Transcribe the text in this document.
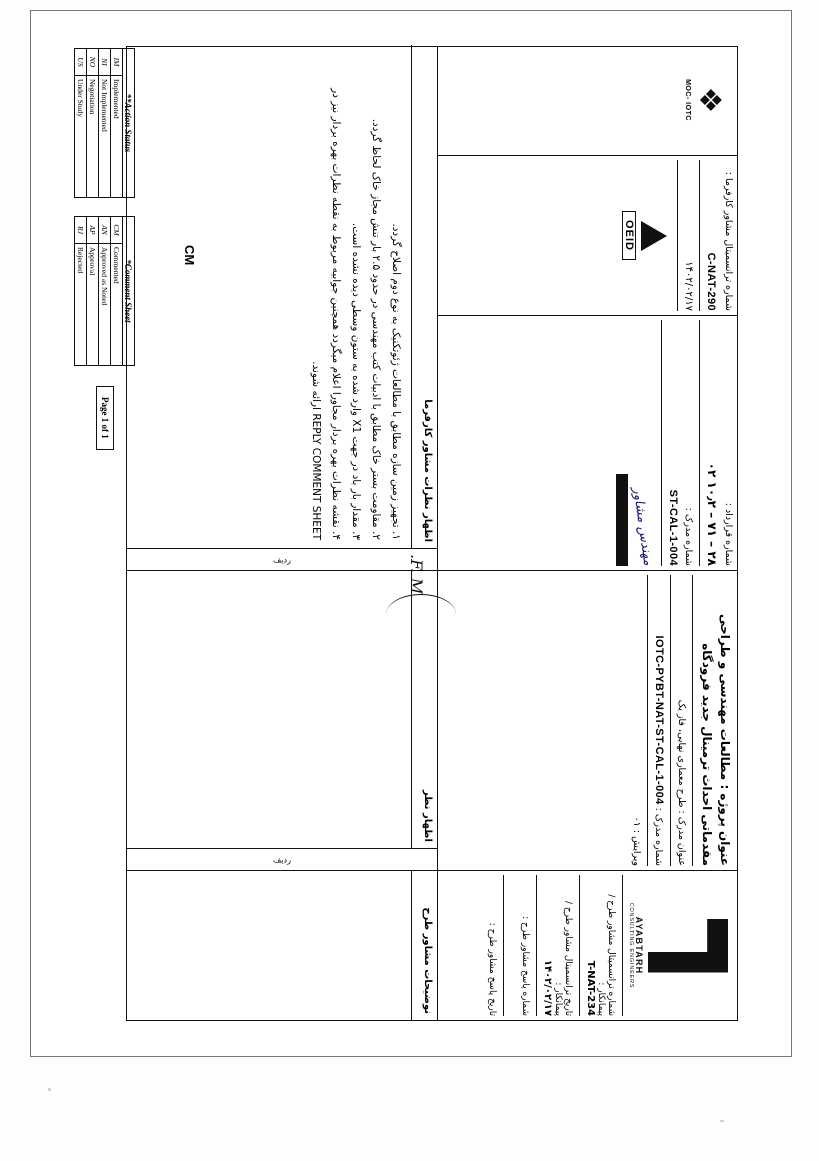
AYABTARH
CONSULTING ENGINEERS
شماره ترانسمیتال مشاور طرح / پیمانکار :
T-NAT-234
تاریخ ترانسمیتال مشاور طرح / پیمانکار :
۱۴۰۲/۰۲/۱۷
شماره پاسخ مشاور طرح :

تاریخ پاسخ مشاور طرح :

عنوان پروژه : مطالعات مهندسی و طراحی مقدماتی احداث ترمینال جدید فرودگاه
عنوان مدرک : طرح معماری نهایی، فاز یک
شماره مدرک : IOTC-PYBT-NAT-ST-CAL-1-004
ویرایش : ۰۱
شماره قرارداد :
۲۸ – ۷۱ – ۱۰٫۲ ۰۲
شماره مدرک :
ST-CAL-1-004
مهندس مشاور
شماره ترانسمیتال مشاور کارفرما :
C-NAT-290
۱۴۰۲/۰۲/۱۷
OEID
❖
MOC- IOTC
نوضیحات مشاور طرح
ردیف
اظهار نظر
ردیف
اظهار نظرات مشاور کارفرما
۱. تجهیز زمین سازه مطابق با مطالعات ژئوتکنیک به نوع دوم اصلاح گردد.
۲. مقاومت بستر خاک مطابق با ادبیات کتب مهندسی در حدود ۲.۵ بار تنش مجاز خاک لحاظ گردد.
۳. مقدار بار باد در جهت X1 وارد شده به ستون وسطی دیده نشده است.
۴. نقشه نظرات بهره بردار مجاورا اعلام میگردد همچنین جوابیه مربوط به نقطه نظرات بهره بردار نیز در
REPLY COMMENT SHEET ارائه شوند.
CM
F. M.
**Action Status	
IM	Implemented
NI	Not Implemented
NO	Negotiation
US	Under Study
*Comment Sheet	
CM	Commented
AN	Approved as Noted
AP	Approval
RJ	Rejected
Page 1 of 1
